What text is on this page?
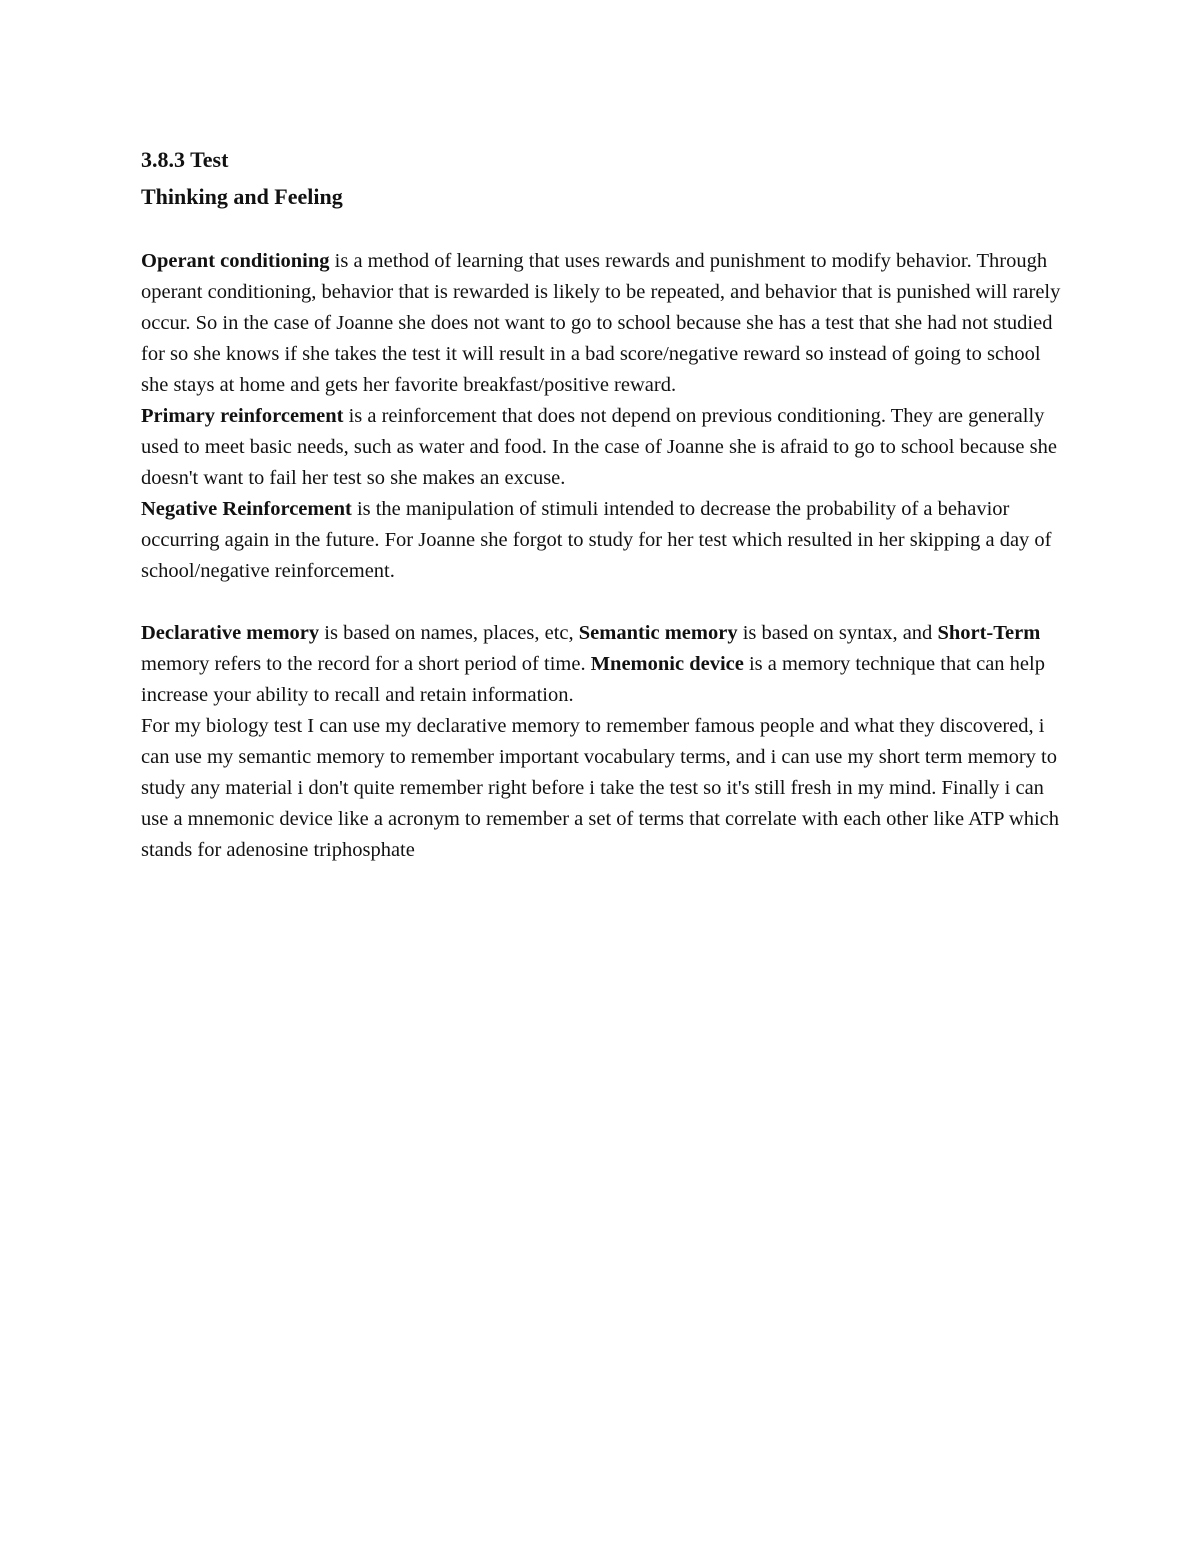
3.8.3 Test
Thinking and Feeling

Operant conditioning is a method of learning that uses rewards and punishment to modify behavior. Through operant conditioning, behavior that is rewarded is likely to be repeated, and behavior that is punished will rarely occur. So in the case of Joanne she does not want to go to school because she has a test that she had not studied for so she knows if she takes the test it will result in a bad score/negative reward so instead of going to school she stays at home and gets her favorite breakfast/positive reward.

Primary reinforcement is a reinforcement that does not depend on previous conditioning. They are generally used to meet basic needs, such as water and food. In the case of Joanne she is afraid to go to school because she doesn't want to fail her test so she makes an excuse.

Negative Reinforcement is the manipulation of stimuli intended to decrease the probability of a behavior occurring again in the future. For Joanne she forgot to study for her test which resulted in her skipping a day of school/negative reinforcement.

Declarative memory is based on names, places, etc, Semantic memory is based on syntax, and Short-Term memory refers to the record for a short period of time. Mnemonic device is a memory technique that can help increase your ability to recall and retain information.

For my biology test I can use my declarative memory to remember famous people and what they discovered, i can use my semantic memory to remember important vocabulary terms, and i can use my short term memory to study any material i don't quite remember right before i take the test so it's still fresh in my mind. Finally i can use a mnemonic device like a acronym to remember a set of terms that correlate with each other like ATP which stands for adenosine triphosphate
